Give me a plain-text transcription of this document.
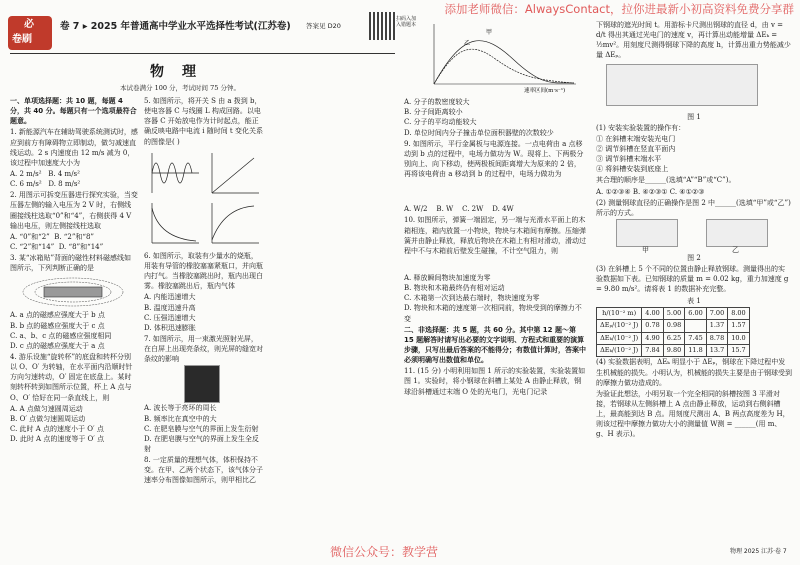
添加老师微信：AlwaysContact，拉你进最新小初高资料免费分享群
必
卷刷
卷 7 ▸ 2025 年普通高中学业水平选择性考试(江苏卷) 答案见 D20
扫码入加入错题本
物理
本试卷满分 100 分，考试时间 75 分钟。

一、单项选择题：共 10 题，每题 4 分，共 40 分。每题只有一个选项最符合题意。

1. 新能源汽车在辅助驾驶系统测试时，感应到前方有障碍物立即制动，做匀减速直线运动。2 s 内速度由 12 m/s 减为 0，该过程中加速度大小为

A. 2 m/s² B. 4 m/s²
C. 6 m/s² D. 8 m/s²

2. 用图示可拆变压器进行探究实验，当变压器左侧的输入电压为 2 V 时，右侧线圈接线柱选取“0”和“4”，右侧获得 4 V 输出电压，则左侧接线柱选取

A. “0”和“2” B. “2”和“8”
C. “2”和“14” D. “8”和“14”

3. 某“冰箱贴”背面的磁性材料磁感线如图所示，下列判断正确的是

A. a 点的磁感应强度大于 b 点
B. b 点的磁感应强度大于 c 点
C. a、b、c 点的磁感应强度相同
D. c 点的磁感应强度大于 a 点

4. 游乐设施“旋转杯”的底盘和转杯分别以 O、O′ 为转轴，在水平面内沿顺时针方向匀速转动，O′ 固定在底盘上。某时刻转杯转到如图所示位置，杯上 A 点与 O、O′ 恰好在同一条直线上，则

A. A 点做匀速圆周运动
B. O′ 点做匀速圆周运动
C. 此时 A 点的速度小于 O′ 点
D. 此时 A 点的速度等于 O′ 点

5. 如图所示，将开关 S 由 a 拨到 b，使电容器 C 与线圈 L 构成回路。以电容器 C 开始放电作为计时起点，能正确反映电路中电流 i 随时间 t 变化关系的图像是( )

6. 如图所示，取装有少量水的烧瓶，用装有导管的橡胶塞塞紧瓶口，并向瓶内打气。当橡胶塞跳出时，瓶内出现白雾。橡胶塞跳出后，瓶内气体

A. 内能迅速增大
B. 温度迅速升高
C. 压强迅速增大
D. 体积迅速膨胀

7. 如图所示，用一束激光照射光屏，在白屏上出现亮条纹，则光屏的缝宽对条纹的影响

A. 波长等于亮环的周长
B. 频率比在真空中的大
C. 在肥皂膜与空气的界面上发生衍射
D. 在肥皂膜与空气的界面上发生全反射

8. 一定质量的理想气体，体积保持不变。在甲、乙两个状态下，该气体分子速率分布图像如图所示，则甲相比乙

甲
乙
速率区间(m·s⁻¹)

A. 分子的数密度较大
B. 分子间距离较小
C. 分子的平均动能较大
D. 单位时间内分子撞击单位面积器壁的次数较少

9. 如图所示，平行金属板与电源连接。一点电荷由 a 点移动到 b 点的过程中，电场力做功为 W。现将上、下两极分别向上、向下移动，使两极板间距离增大为原来的 2 倍，再将该电荷由 a 移动到 b 的过程中，电场力做功为

A. W/2 B. W C. 2W D. 4W

10. 如图所示，弹簧一端固定，另一端与光滑水平面上的木箱相连，箱内放置一小物块，物块与木箱间有摩擦。压缩弹簧并由静止释放，释放后物块在木箱上有相对滑动，滑动过程中不与木箱前后壁发生碰撞，不计空气阻力，则

A. 释放瞬间物块加速度为零
B. 物块和木箱最终仍有相对运动
C. 木箱第一次到达最右端时，物块速度为零
D. 物块和木箱的速度第一次相同前，物块受到的摩擦力不变

二、非选择题：共 5 题，共 60 分。其中第 12 题～第 15 题解答时请写出必要的文字说明、方程式和重要的演算步骤，只写出最后答案的不能得分；有数值计算时，答案中必须明确写出数值和单位。

11. (15 分) 小明利用如图 1 所示的实验装置，实验装置如图 1。实验时，将小钢球在斜槽上某处 A 由静止释放，钢球沿斜槽通过末端 O 处的光电门，光电门记录

下钢球的遮光时间 t。用游标卡尺测出钢球的直径 d，由 v = d/t 得出其通过光电门的速度 v，再计算出动能增量 ΔEₖ = ½mv²。用刻度尺测得钢球下降的高度 h，计算出重力势能减少量 ΔEₚ。

图 1

(1) 安装实验装置的操作有：

① 在斜槽末端安装光电门
② 调节斜槽在竖直平面内
③ 调节斜槽末端水平
④ 将斜槽安装到底座上

其合理的顺序是______(选填“A”“B”或“C”)。

A. ①②③④ B. ④②③① C. ④①②③

(2) 测量钢球直径的正确操作是图 2 中______(选填“甲”或“乙”)所示的方式。

甲	乙

图 2

(3) 在斜槽上 5 个不同的位置由静止释放钢球。测量得出的实验数据如下表。已知钢球的质量 m = 0.02 kg，重力加速度 g = 9.80 m/s²。请将表 1 的数据补充完整。

表 1

h/(10⁻² m)	4.00	5.00	6.00	7.00	8.00
ΔEₚ/(10⁻² J)	0.78	0.98		1.37	1.57
ΔEₖ/(10⁻² J)	4.90	6.25	7.45	8.78	10.0
ΔEₖ/(10⁻² J)	7.84	9.80	11.8	13.7	15.7

(4) 实验数据表明，ΔEₖ 明显小于 ΔEₚ，钢球在下降过程中发生机械能的损失。小明认为，机械能的损失主要是由于钢球受到的摩擦力做功造成的。

为验证此想法，小明另取一个完全相同的斜槽按图 3 平滑对接，若钢球从左侧斜槽上 A 点由静止释放，运动到右侧斜槽上，最高能到达 B 点。用刻度尺测出 A、B 两点高度差为 H，则该过程中摩擦力做功大小的测量值 W测 = ______(用 m、g、H 表示)。

物理 2025 江苏·卷 7
微信公众号：教学营
